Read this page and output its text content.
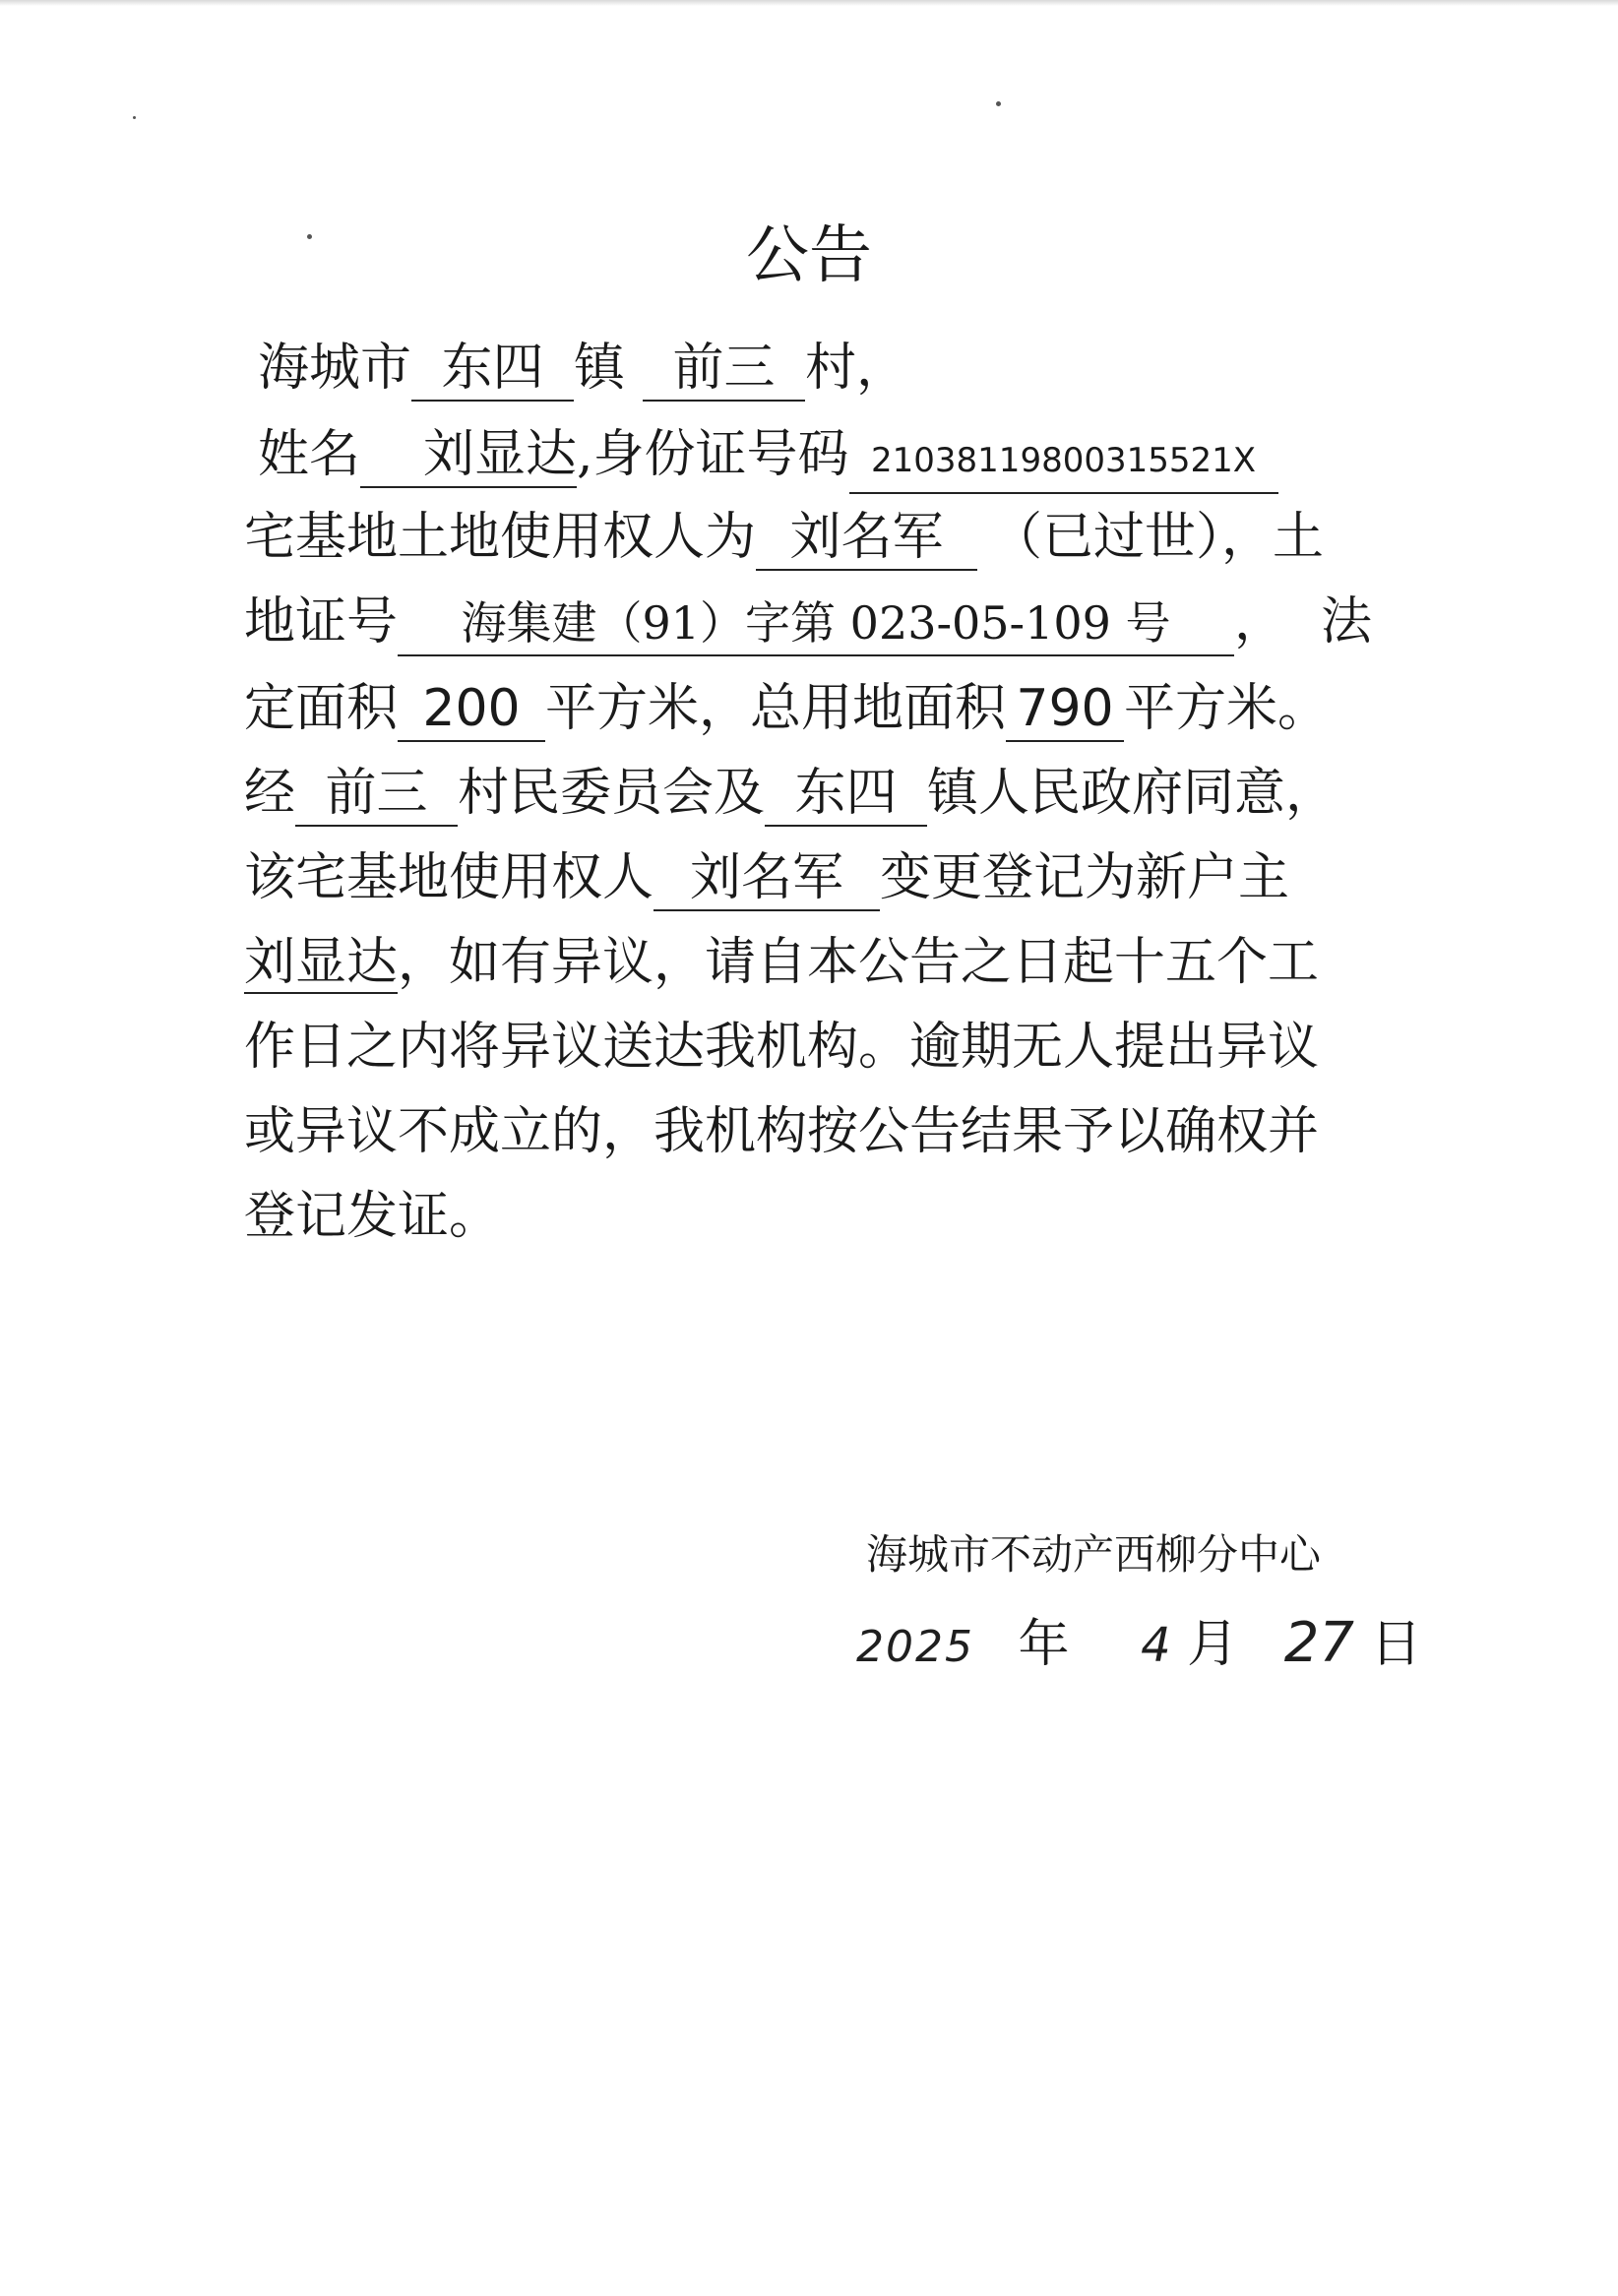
公告
海城市 东四 镇 前三 村，
姓名 刘显达,身份证号码 21038119800315521X
宅基地土地使用权人为 刘名军 （已过世），土
地证号 海集建（91）字第 023-05-109 号 ， 法
定面积 200 平方米，总用地面积 790 平方米。
经 前三 村民委员会及 东四 镇人民政府同意，
该宅基地使用权人 刘名军 变更登记为新户主
刘显达，如有异议，请自本公告之日起十五个工
作日之内将异议送达我机构。逾期无人提出异议
或异议不成立的，我机构按公告结果予以确权并
登记发证。
海城市不动产西柳分中心
2025 年 4 月 27 日
